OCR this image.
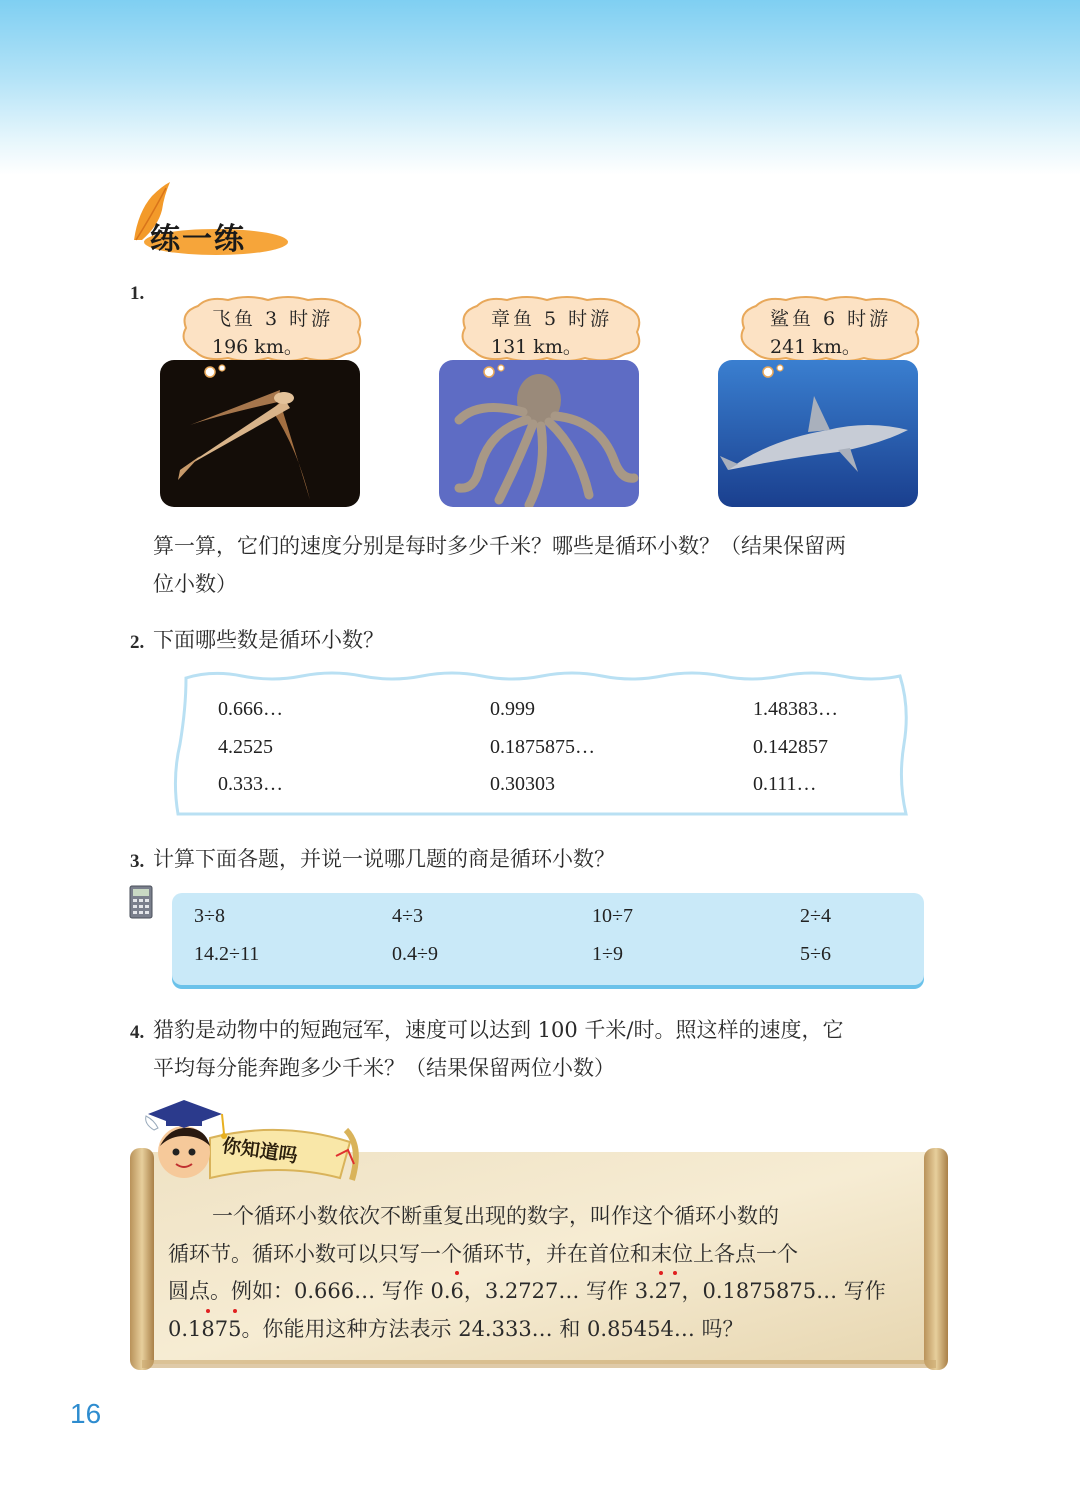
练一练
1.
飞鱼 3 时游
196 km。
章鱼 5 时游
131 km。
鲨鱼 6 时游
241 km。
算一算，它们的速度分别是每时多少千米？哪些是循环小数？（结果保留两
位小数）
2. 下面哪些数是循环小数？
0.666…	0.999	1.48383…
4.2525	0.1875875…	0.142857
0.333…	0.30303	0.111…
3. 计算下面各题，并说一说哪几题的商是循环小数？
3÷8	4÷3	10÷7	2÷4
14.2÷11	0.4÷9	1÷9	5÷6
4. 猎豹是动物中的短跑冠军，速度可以达到 100 千米/时。照这样的速度，它
平均每分能奔跑多少千米？（结果保留两位小数）
一个循环小数依次不断重复出现的数字，叫作这个循环小数的
循环节。循环小数可以只写一个循环节，并在首位和末位上各点一个
圆点。例如：0.666… 写作 0.6，3.2727… 写作 3.27，0.1875875… 写作
0.1875。你能用这种方法表示 24.333… 和 0.85454… 吗？
你知道吗
16
